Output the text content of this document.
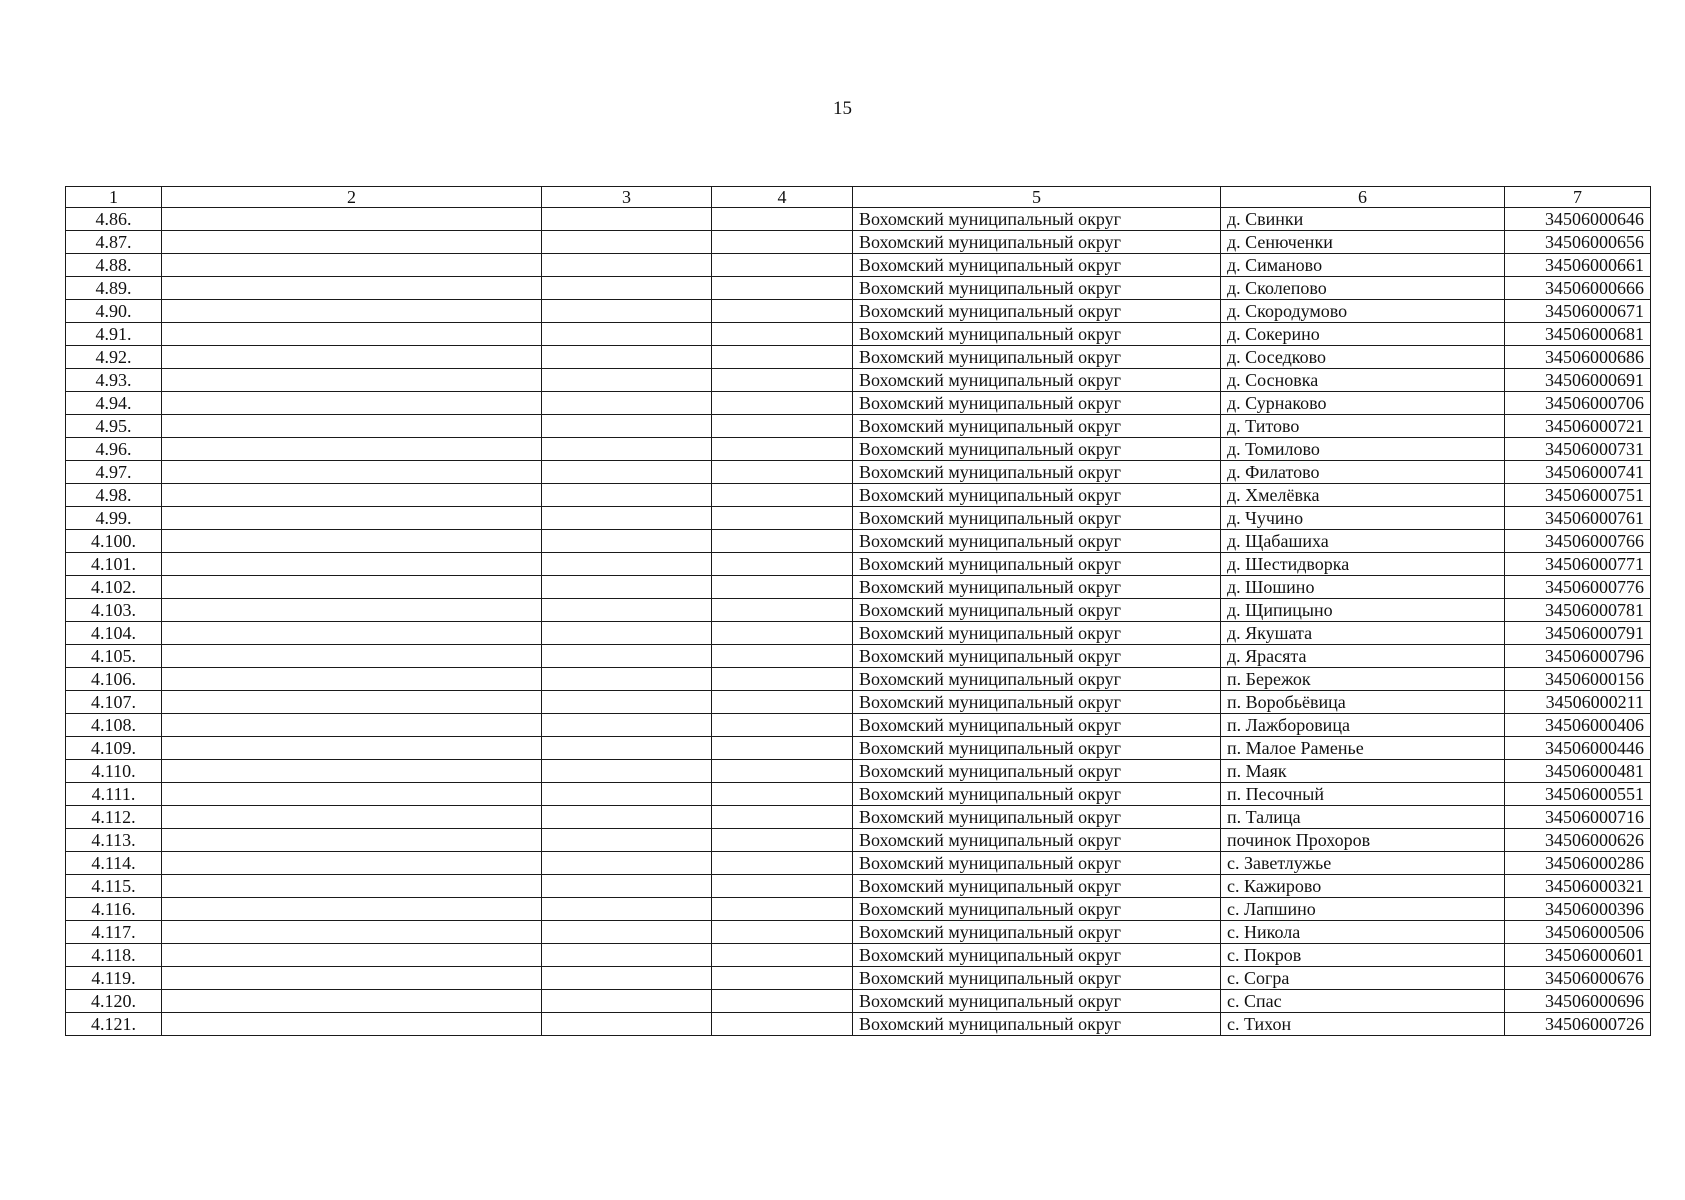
15
1	2	3	4	5	6	7
4.86.				Вохомский муниципальный округ	д. Свинки	34506000646
4.87.				Вохомский муниципальный округ	д. Сенюченки	34506000656
4.88.				Вохомский муниципальный округ	д. Симаново	34506000661
4.89.				Вохомский муниципальный округ	д. Сколепово	34506000666
4.90.				Вохомский муниципальный округ	д. Скородумово	34506000671
4.91.				Вохомский муниципальный округ	д. Сокерино	34506000681
4.92.				Вохомский муниципальный округ	д. Соседково	34506000686
4.93.				Вохомский муниципальный округ	д. Сосновка	34506000691
4.94.				Вохомский муниципальный округ	д. Сурнаково	34506000706
4.95.				Вохомский муниципальный округ	д. Титово	34506000721
4.96.				Вохомский муниципальный округ	д. Томилово	34506000731
4.97.				Вохомский муниципальный округ	д. Филатово	34506000741
4.98.				Вохомский муниципальный округ	д. Хмелёвка	34506000751
4.99.				Вохомский муниципальный округ	д. Чучино	34506000761
4.100.				Вохомский муниципальный округ	д. Щабашиха	34506000766
4.101.				Вохомский муниципальный округ	д. Шестидворка	34506000771
4.102.				Вохомский муниципальный округ	д. Шошино	34506000776
4.103.				Вохомский муниципальный округ	д. Щипицыно	34506000781
4.104.				Вохомский муниципальный округ	д. Якушата	34506000791
4.105.				Вохомский муниципальный округ	д. Ярасята	34506000796
4.106.				Вохомский муниципальный округ	п. Бережок	34506000156
4.107.				Вохомский муниципальный округ	п. Воробьёвица	34506000211
4.108.				Вохомский муниципальный округ	п. Лажборовица	34506000406
4.109.				Вохомский муниципальный округ	п. Малое Раменье	34506000446
4.110.				Вохомский муниципальный округ	п. Маяк	34506000481
4.111.				Вохомский муниципальный округ	п. Песочный	34506000551
4.112.				Вохомский муниципальный округ	п. Талица	34506000716
4.113.				Вохомский муниципальный округ	починок Прохоров	34506000626
4.114.				Вохомский муниципальный округ	с. Заветлужье	34506000286
4.115.				Вохомский муниципальный округ	с. Кажирово	34506000321
4.116.				Вохомский муниципальный округ	с. Лапшино	34506000396
4.117.				Вохомский муниципальный округ	с. Никола	34506000506
4.118.				Вохомский муниципальный округ	с. Покров	34506000601
4.119.				Вохомский муниципальный округ	с. Согра	34506000676
4.120.				Вохомский муниципальный округ	с. Спас	34506000696
4.121.				Вохомский муниципальный округ	с. Тихон	34506000726
